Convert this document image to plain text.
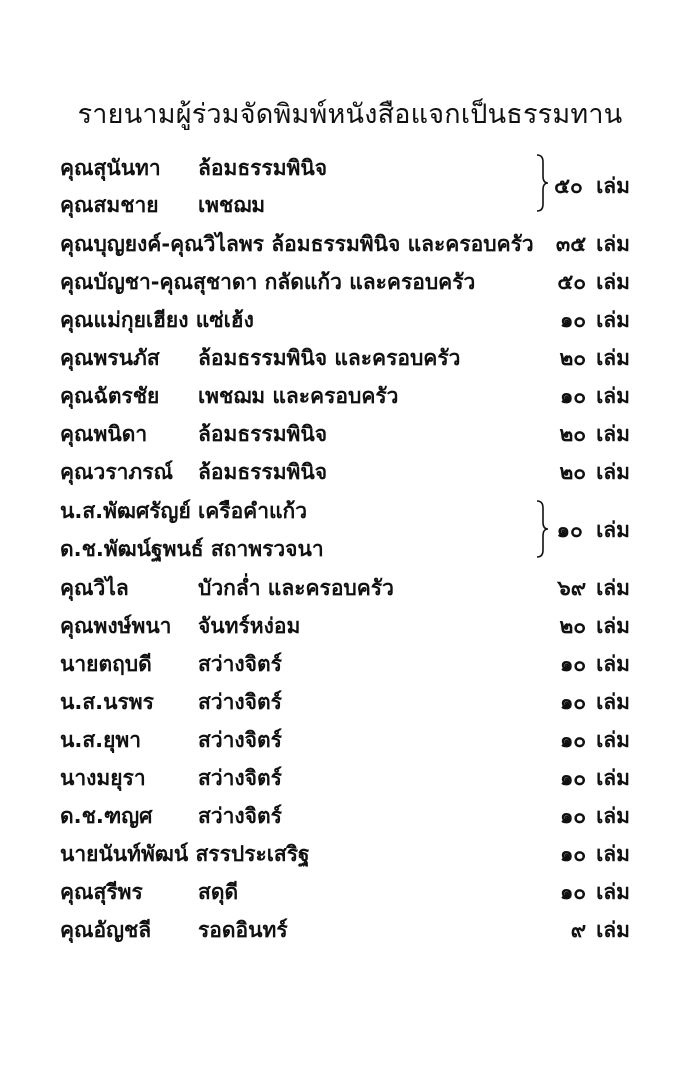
รายนามผู้ร่วมจัดพิมพ์หนังสือแจกเป็นธรรมทาน
คุณสุนันทา ล้อมธรรมพินิจ
คุณสมชาย เพชฌม
๕๐ เล่ม
คุณบุญยงค์-คุณวิไลพร ล้อมธรรมพินิจ และครอบครัว ๓๕ เล่ม
คุณบัญชา-คุณสุชาดา กลัดแก้ว และครอบครัว	๕๐ เล่ม
คุณแม่กุยเฮียง แซ่เฮ้ง	๑๐ เล่ม
คุณพรนภัส ล้อมธรรมพินิจ และครอบครัว	๒๐ เล่ม
คุณฉัตรชัย เพชฌม และครอบครัว	๑๐ เล่ม
คุณพนิดา ล้อมธรรมพินิจ	๒๐ เล่ม
คุณวราภรณ์ ล้อมธรรมพินิจ	๒๐ เล่ม
น.ส.พัฒศรัญย์ เครือคำแก้ว
ด.ช.พัฒน์ฐพนธ์ สถาพรวจนา
๑๐ เล่ม
คุณวิไล	บัวกล่ำ และครอบครัว	๖๙ เล่ม
คุณพงษ์พนา จันทร์หง่อม	๒๐ เล่ม
นายตฤบดี สว่างจิตร์	๑๐ เล่ม
น.ส.นรพร สว่างจิตร์	๑๐ เล่ม
น.ส.ยุพา	สว่างจิตร์	๑๐ เล่ม
นางมยุรา สว่างจิตร์	๑๐ เล่ม
ด.ช.ฑญศ สว่างจิตร์	๑๐ เล่ม
นายนันท์พัฒน์ สรรประเสริฐ	๑๐ เล่ม
คุณสุรีพร	สดุดี	๑๐ เล่ม
คุณอัญชลี รอดอินทร์	๙ เล่ม
